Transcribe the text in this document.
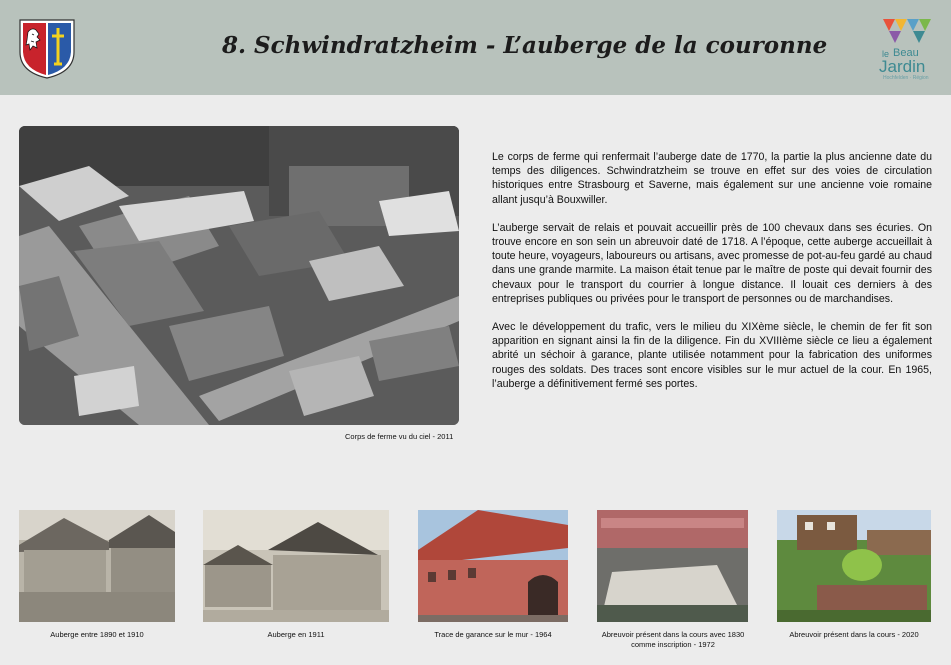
8. Schwindratzheim - L’auberge de la couronne	le Beau
Jardin
Hochfelden · Région
Corps de ferme vu du ciel - 2011

Le corps de ferme qui renfermait l’auberge date de 1770, la partie la plus ancienne date du temps des diligences. Schwindratzheim se trouve en effet sur des voies de circulation historiques entre Strasbourg et Saverne, mais également sur une ancienne voie romaine allant jusqu’à Bouxwiller.

L’auberge servait de relais et pouvait accueillir près de 100 chevaux dans ses écuries. On trouve encore en son sein un abreuvoir daté de 1718. A l’époque, cette auberge accueillait à toute heure, voyageurs, laboureurs ou artisans, avec promesse de pot-au-feu gardé au chaud dans une grande marmite. La maison était tenue par le maître de poste qui devait fournir des chevaux pour le transport du courrier à longue distance. Il louait ces derniers à des entreprises publiques ou privées pour le transport de personnes ou de marchandises.

Avec le développement du trafic, vers le milieu du XIXème siècle, le chemin de fer fit son apparition en signant ainsi la fin de la diligence. Fin du XVIIIème siècle ce lieu a également abrité un séchoir à garance, plante utilisée notamment pour la fabrication des uniformes rouges des soldats. Des traces sont encore visibles sur le mur actuel de la cour. En 1965, l’auberge a définitivement fermé ses portes.

Auberge entre 1890 et 1910	Auberge en 1911	Trace de garance sur le mur - 1964	Abreuvoir présent dans la cours avec 1830
comme inscription - 1972
Abreuvoir présent dans la cours - 2020
